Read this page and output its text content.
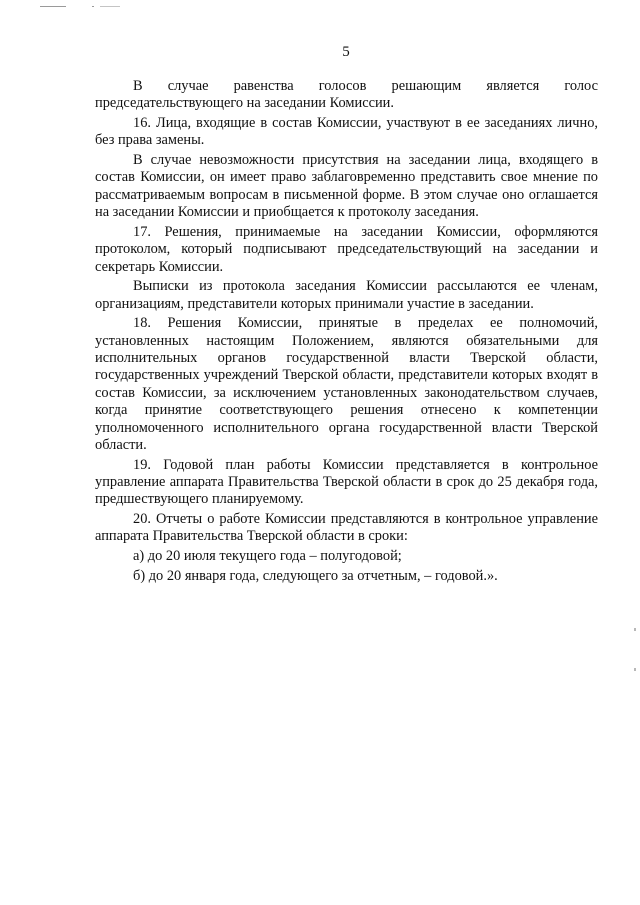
5

В случае равенства голосов решающим является голос председательствующего на заседании Комиссии.

16. Лица, входящие в состав Комиссии, участвуют в ее заседаниях лично, без права замены.

В случае невозможности присутствия на заседании лица, входящего в состав Комиссии, он имеет право заблаговременно представить свое мнение по рассматриваемым вопросам в письменной форме. В этом случае оно оглашается на заседании Комиссии и приобщается к протоколу заседания.

17. Решения, принимаемые на заседании Комиссии, оформляются протоколом, который подписывают председательствующий на заседании и секретарь Комиссии.

Выписки из протокола заседания Комиссии рассылаются ее членам, организациям, представители которых принимали участие в заседании.

18. Решения Комиссии, принятые в пределах ее полномочий, установленных настоящим Положением, являются обязательными для исполнительных органов государственной власти Тверской области, государственных учреждений Тверской области, представители которых входят в состав Комиссии, за исключением установленных законодательством случаев, когда принятие соответствующего решения отнесено к компетенции уполномоченного исполнительного органа государственной власти Тверской области.

19. Годовой план работы Комиссии представляется в контрольное управление аппарата Правительства Тверской области в срок до 25 декабря года, предшествующего планируемому.

20. Отчеты о работе Комиссии представляются в контрольное управление аппарата Правительства Тверской области в сроки:

а) до 20 июля текущего года – полугодовой;

б) до 20 января года, следующего за отчетным, – годовой.».
